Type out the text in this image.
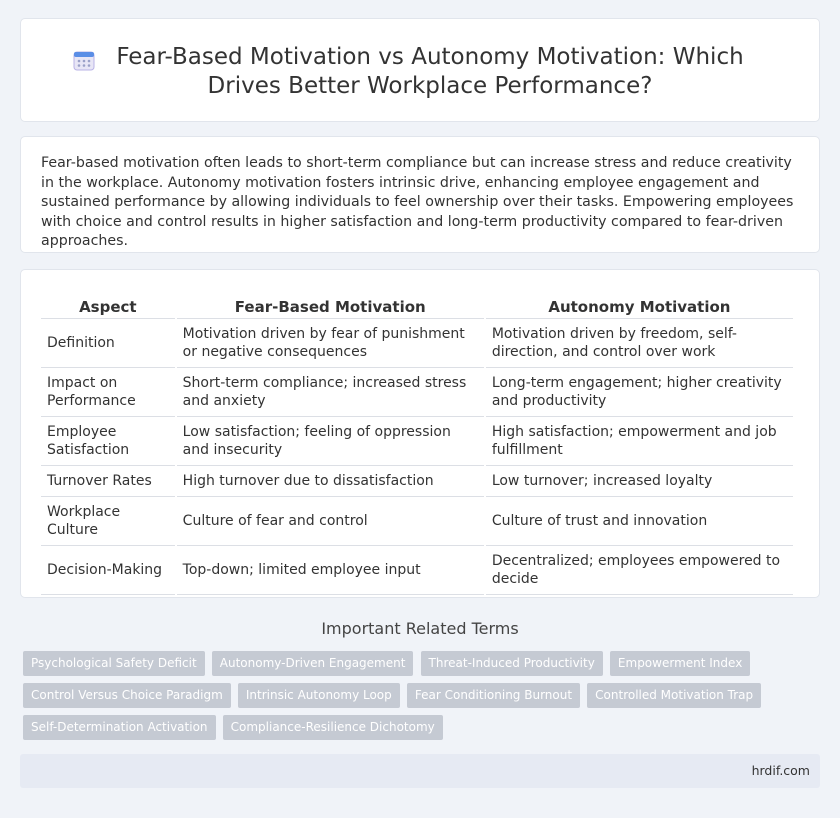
Fear-Based Motivation vs Autonomy Motivation: Which Drives Better Workplace Performance?

Fear-based motivation often leads to short-term compliance but can increase stress and reduce creativity in the workplace. Autonomy motivation fosters intrinsic drive, enhancing employee engagement and sustained performance by allowing individuals to feel ownership over their tasks. Empowering employees with choice and control results in higher satisfaction and long-term productivity compared to fear-driven approaches.

Aspect	Fear-Based Motivation	Autonomy Motivation
Definition	Motivation driven by fear of punishment or negative consequences	Motivation driven by freedom, self-direction, and control over work
Impact on Performance	Short-term compliance; increased stress and anxiety	Long-term engagement; higher creativity and productivity
Employee Satisfaction	Low satisfaction; feeling of oppression and insecurity	High satisfaction; empowerment and job fulfillment
Turnover Rates	High turnover due to dissatisfaction	Low turnover; increased loyalty
Workplace Culture	Culture of fear and control	Culture of trust and innovation
Decision-Making	Top-down; limited employee input	Decentralized; employees empowered to decide
Important Related Terms
Psychological Safety Deficit Autonomy-Driven Engagement Threat-Induced Productivity Empowerment Index
Control Versus Choice Paradigm Intrinsic Autonomy Loop Fear Conditioning Burnout Controlled Motivation Trap
Self-Determination Activation Compliance-Resilience Dichotomy
hrdif.com
